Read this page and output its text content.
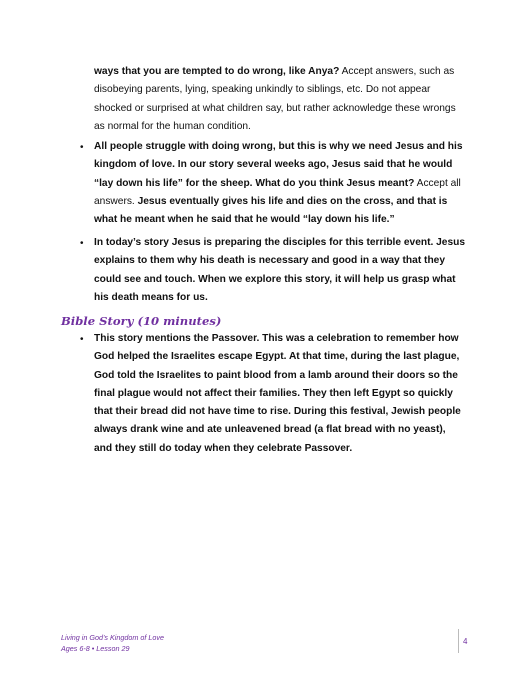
ways that you are tempted to do wrong, like Anya? Accept answers, such as disobeying parents, lying, speaking unkindly to siblings, etc. Do not appear shocked or surprised at what children say, but rather acknowledge these wrongs as normal for the human condition.
• All people struggle with doing wrong, but this is why we need Jesus and his kingdom of love. In our story several weeks ago, Jesus said that he would “lay down his life” for the sheep. What do you think Jesus meant? Accept all answers. Jesus eventually gives his life and dies on the cross, and that is what he meant when he said that he would “lay down his life.”
• In today’s story Jesus is preparing the disciples for this terrible event. Jesus explains to them why his death is necessary and good in a way that they could see and touch. When we explore this story, it will help us grasp what his death means for us.
Bible Story (10 minutes)
• This story mentions the Passover. This was a celebration to remember how God helped the Israelites escape Egypt. At that time, during the last plague, God told the Israelites to paint blood from a lamb around their doors so the final plague would not affect their families. They then left Egypt so quickly that their bread did not have time to rise. During this festival, Jewish people always drank wine and ate unleavened bread (a flat bread with no yeast), and they still do today when they celebrate Passover.
Living in God’s Kingdom of Love
Ages 6-8 • Lesson 29
4
